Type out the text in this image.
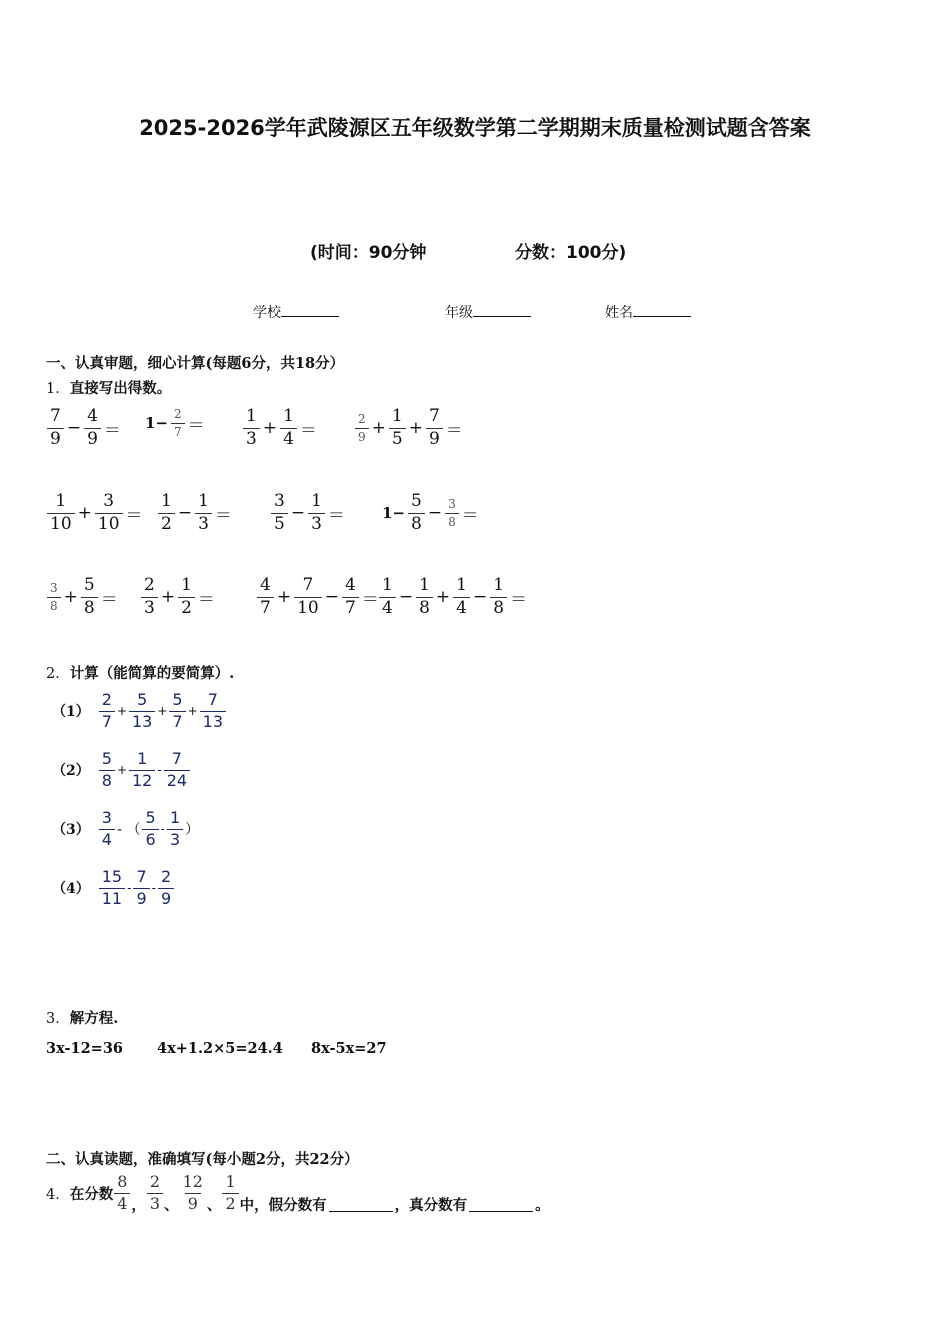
2025-2026学年武陵源区五年级数学第二学期期末质量检测试题含答案
(时间：90分钟	分数：100分)
学校	年级	姓名
一、认真审题，细心计算(每题6分，共18分）
1．直接写出得数。
$\frac{7}{9} - \frac{4}{9} = 1- \frac{2}{7} = \frac{1}{3} + \frac{1}{4}$ ＝	$\frac{2}{9} + \frac{1}{5} + \frac{7}{9}$ ＝
$\frac{1}{10} + \frac{3}{10} = \frac{1}{2} - \frac{1}{3} = \frac{3}{5} - \frac{1}{3} = 1- \frac{5}{8} - \frac{3}{8}$ ＝
$\frac{3}{8} + \frac{5}{8} = \frac{2}{3} + \frac{1}{2} = \frac{4}{7} + \frac{7}{10} - \frac{4}{7} = \frac{1}{4} - \frac{1}{8} + \frac{1}{4} - \frac{1}{8}$ ＝
2．计算（能简算的要简算）.
$(1) \frac{2}{7} + \frac{5}{13} + \frac{5}{7} + \frac{7}{13}$
$(2) \frac{5}{8} + \frac{1}{12} - \frac{7}{24}$
$(3) \frac{3}{4}$ - （ $\frac{5}{6} - \frac{1}{3}$ ）
$(4) \frac{15}{11} - \frac{7}{9} - \frac{2}{9}$
3．解方程.
3x-12=36 4x+1.2×5=24.4 8x-5x=27
二、认真读题，准确填写(每小题2分，共22分）
4． 在分数 $\frac{8}{4}$ ， $\frac{2}{3}$ 、 $\frac{12}{9}$ 、 $\frac{1}{2}$ 中，假分数有	，真分数有	。
